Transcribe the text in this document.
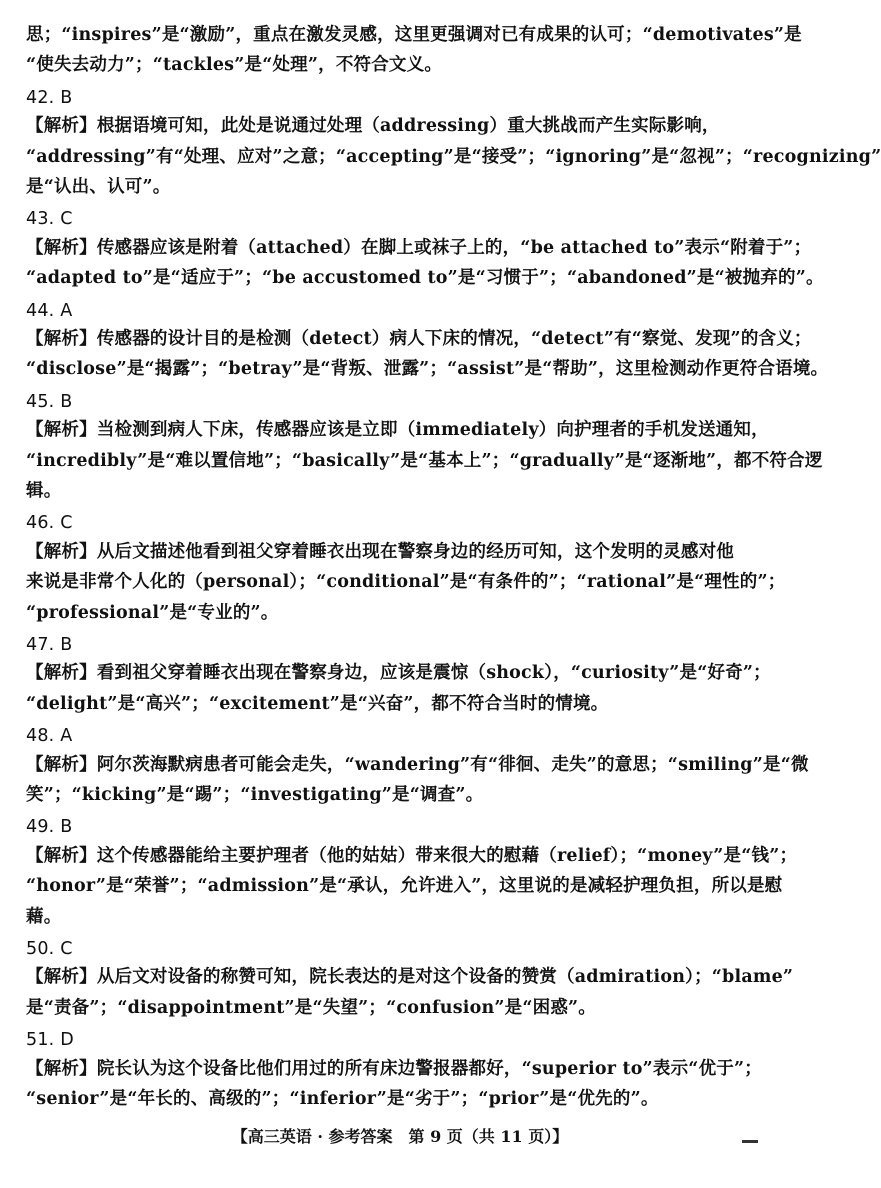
思；“inspires”是“激励”，重点在激发灵感，这里更强调对已有成果的认可；“demotivates”是
“使失去动力”；“tackles”是“处理”，不符合文义。
42. B
【解析】根据语境可知，此处是说通过处理（addressing）重大挑战而产生实际影响，
“addressing”有“处理、应对”之意；“accepting”是“接受”；“ignoring”是“忽视”；“recognizing”
是“认出、认可”。
43. C
【解析】传感器应该是附着（attached）在脚上或袜子上的，“be attached to”表示“附着于”；
“adapted to”是“适应于”；“be accustomed to”是“习惯于”；“abandoned”是“被抛弃的”。
44. A
【解析】传感器的设计目的是检测（detect）病人下床的情况，“detect”有“察觉、发现”的含义；
“disclose”是“揭露”；“betray”是“背叛、泄露”；“assist”是“帮助”，这里检测动作更符合语境。
45. B
【解析】当检测到病人下床，传感器应该是立即（immediately）向护理者的手机发送通知，
“incredibly”是“难以置信地”；“basically”是“基本上”；“gradually”是“逐渐地”，都不符合逻
辑。
46. C
【解析】从后文描述他看到祖父穿着睡衣出现在警察身边的经历可知，这个发明的灵感对他
来说是非常个人化的（personal）；“conditional”是“有条件的”；“rational”是“理性的”；
“professional”是“专业的”。
47. B
【解析】看到祖父穿着睡衣出现在警察身边，应该是震惊（shock），“curiosity”是“好奇”；
“delight”是“高兴”；“excitement”是“兴奋”，都不符合当时的情境。
48. A
【解析】阿尔茨海默病患者可能会走失，“wandering”有“徘徊、走失”的意思；“smiling”是“微
笑”；“kicking”是“踢”；“investigating”是“调查”。
49. B
【解析】这个传感器能给主要护理者（他的姑姑）带来很大的慰藉（relief）；“money”是“钱”；
“honor”是“荣誉”；“admission”是“承认，允许进入”，这里说的是减轻护理负担，所以是慰
藉。
50. C
【解析】从后文对设备的称赞可知，院长表达的是对这个设备的赞赏（admiration）；“blame”
是“责备”；“disappointment”是“失望”；“confusion”是“困惑”。
51. D
【解析】院长认为这个设备比他们用过的所有床边警报器都好，“superior to”表示“优于”；
“senior”是“年长的、高级的”；“inferior”是“劣于”；“prior”是“优先的”。
【高三英语 · 参考答案　第 9 页（共 11 页）】
